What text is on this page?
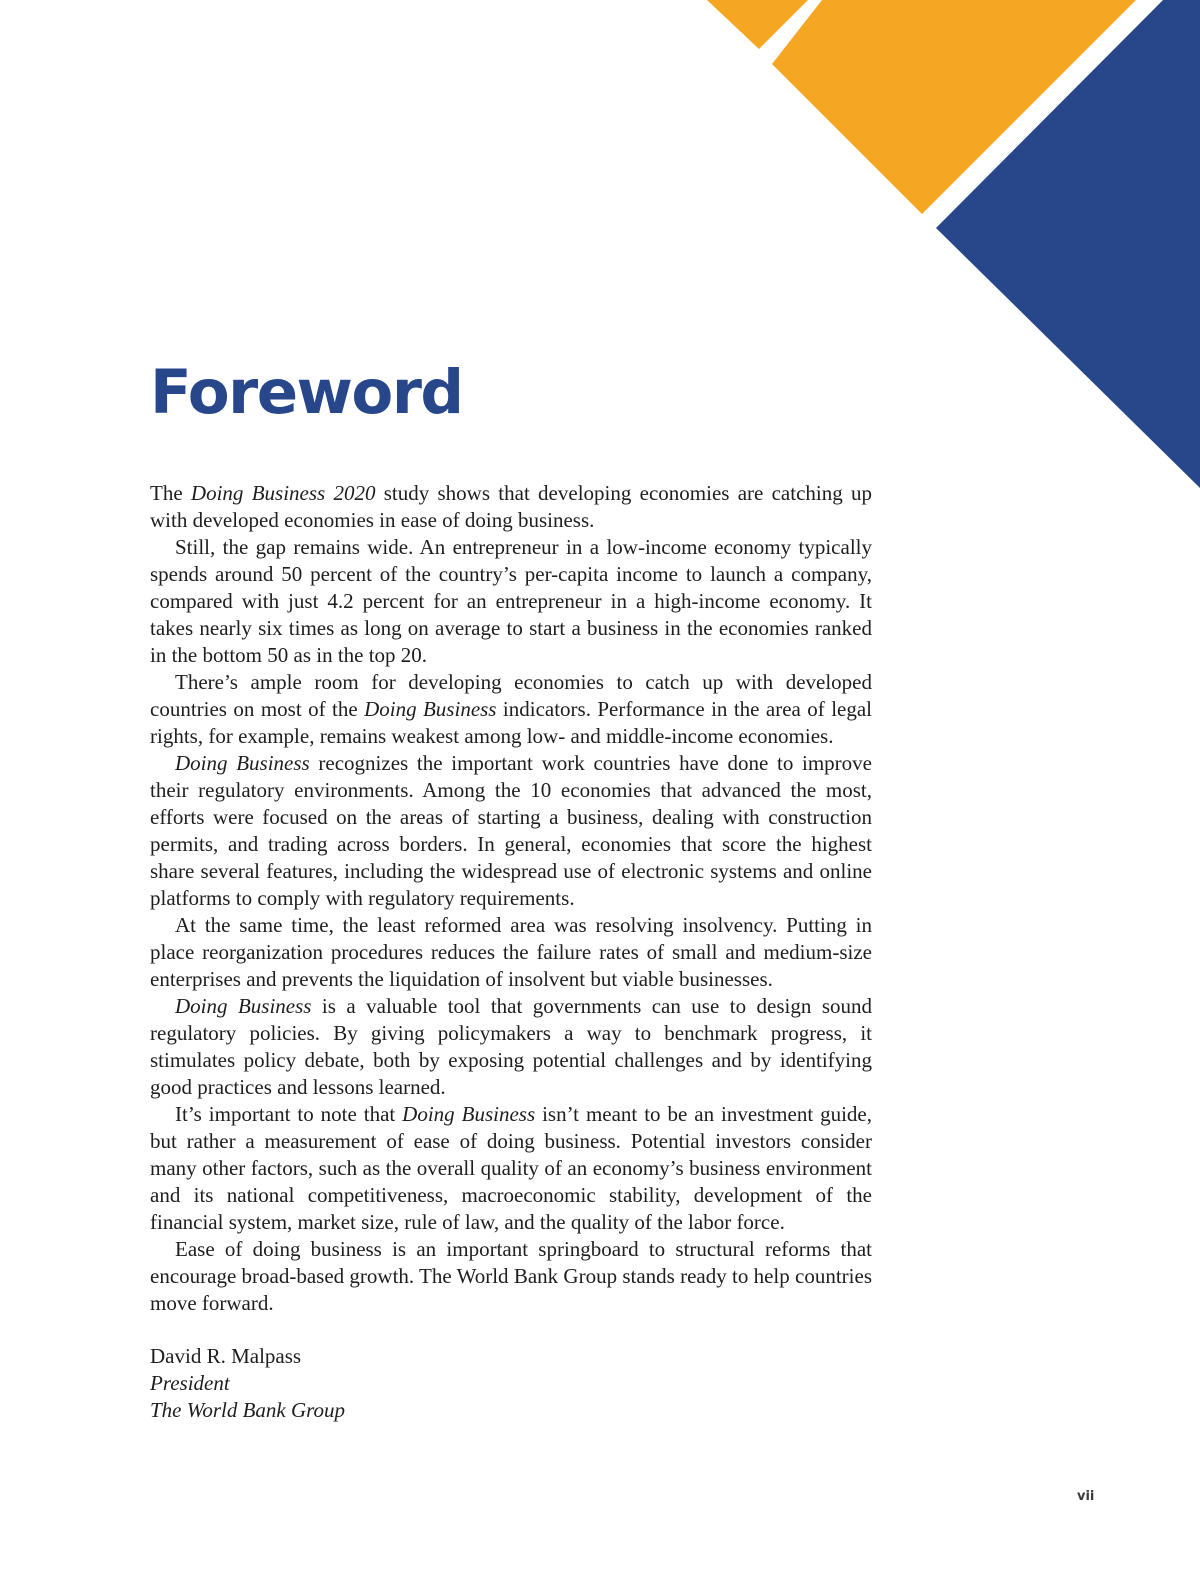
Foreword

The Doing Business 2020 study shows that developing economies are catching up with developed economies in ease of doing business.

Still, the gap remains wide. An entrepreneur in a low-income economy typically spends around 50 percent of the country’s per-capita income to launch a company, compared with just 4.2 percent for an entrepreneur in a high-income economy. It takes nearly six times as long on average to start a business in the economies ranked in the bottom 50 as in the top 20.

There’s ample room for developing economies to catch up with developed countries on most of the Doing Business indicators. Performance in the area of legal rights, for example, remains weakest among low- and middle-income economies.

Doing Business recognizes the important work countries have done to improve their regulatory environments. Among the 10 economies that advanced the most, efforts were focused on the areas of starting a business, dealing with construction permits, and trading across borders. In general, economies that score the highest share several features, including the widespread use of electronic systems and online platforms to comply with regulatory requirements.

At the same time, the least reformed area was resolving insolvency. Putting in place reorganization procedures reduces the failure rates of small and medium-size enterprises and prevents the liquidation of insolvent but viable businesses.

Doing Business is a valuable tool that governments can use to design sound regulatory policies. By giving policymakers a way to benchmark progress, it stimulates policy debate, both by exposing potential challenges and by identifying good practices and lessons learned.

It’s important to note that Doing Business isn’t meant to be an investment guide, but rather a measurement of ease of doing business. Potential investors consider many other factors, such as the overall quality of an economy’s business environment and its national competitiveness, macroeconomic stability, development of the financial system, market size, rule of law, and the quality of the labor force.

Ease of doing business is an important springboard to structural reforms that encourage broad-based growth. The World Bank Group stands ready to help countries move forward.

David R. Malpass
President
The World Bank Group
vii
